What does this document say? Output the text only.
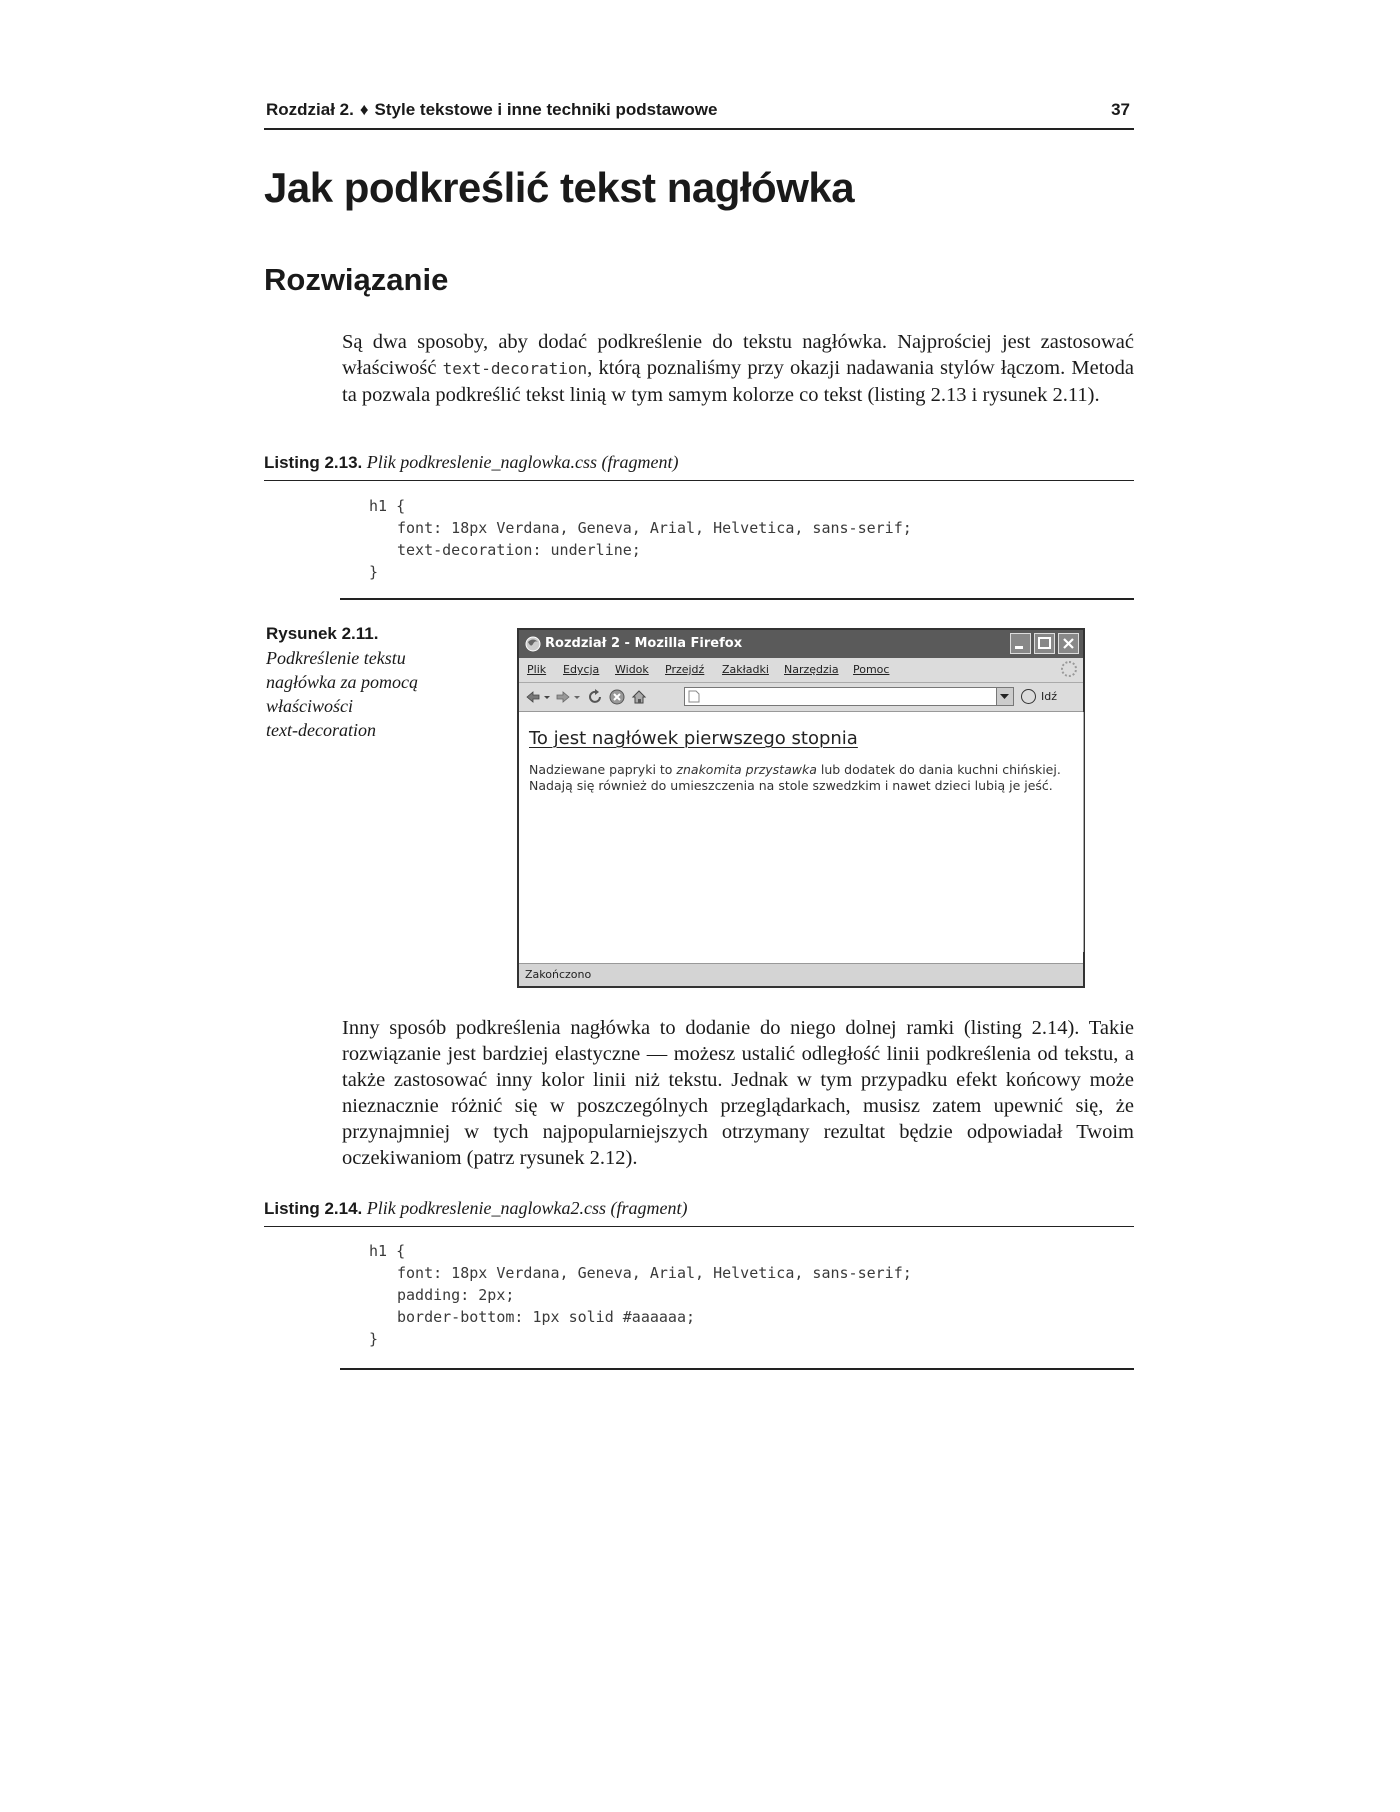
Rozdział 2. ♦ Style tekstowe i inne techniki podstawowe	37
Jak podkreślić tekst nagłówka
Rozwiązanie
Są dwa sposoby, aby dodać podkreślenie do tekstu nagłówka. Najprościej jest zastosować właściwość text-decoration, którą poznaliśmy przy okazji nadawania stylów łączom. Metoda ta pozwala podkreślić tekst linią w tym samym kolorze co tekst (listing 2.13 i rysunek 2.11).
Listing 2.13. Plik podkreslenie_naglowka.css (fragment)
h1 {
font: 18px Verdana, Geneva, Arial, Helvetica, sans-serif;
text-decoration: underline;
}
Rysunek 2.11.
Podkreślenie tekstu
nagłówka za pomocą
właściwości
text-decoration
Rozdział 2 - Mozilla Firefox
Plik Edycja Widok Przejdź Zakładki Narzędzia Pomoc
Idź
To jest nagłówek pierwszego stopnia
Nadziewane papryki to znakomita przystawka lub dodatek do dania kuchni chińskiej. Nadają się również do umieszczenia na stole szwedzkim i nawet dzieci lubią je jeść.
Zakończono
Inny sposób podkreślenia nagłówka to dodanie do niego dolnej ramki (listing 2.14). Takie rozwiązanie jest bardziej elastyczne — możesz ustalić odległość linii podkreślenia od tekstu, a także zastosować inny kolor linii niż tekstu. Jednak w tym przypadku efekt końcowy może nieznacznie różnić się w poszczególnych przeglądarkach, musisz zatem upewnić się, że przynajmniej w tych najpopularniejszych otrzymany rezultat będzie odpowiadał Twoim oczekiwaniom (patrz rysunek 2.12).
Listing 2.14. Plik podkreslenie_naglowka2.css (fragment)
h1 {
font: 18px Verdana, Geneva, Arial, Helvetica, sans-serif;
padding: 2px;
border-bottom: 1px solid #aaaaaa;
}
